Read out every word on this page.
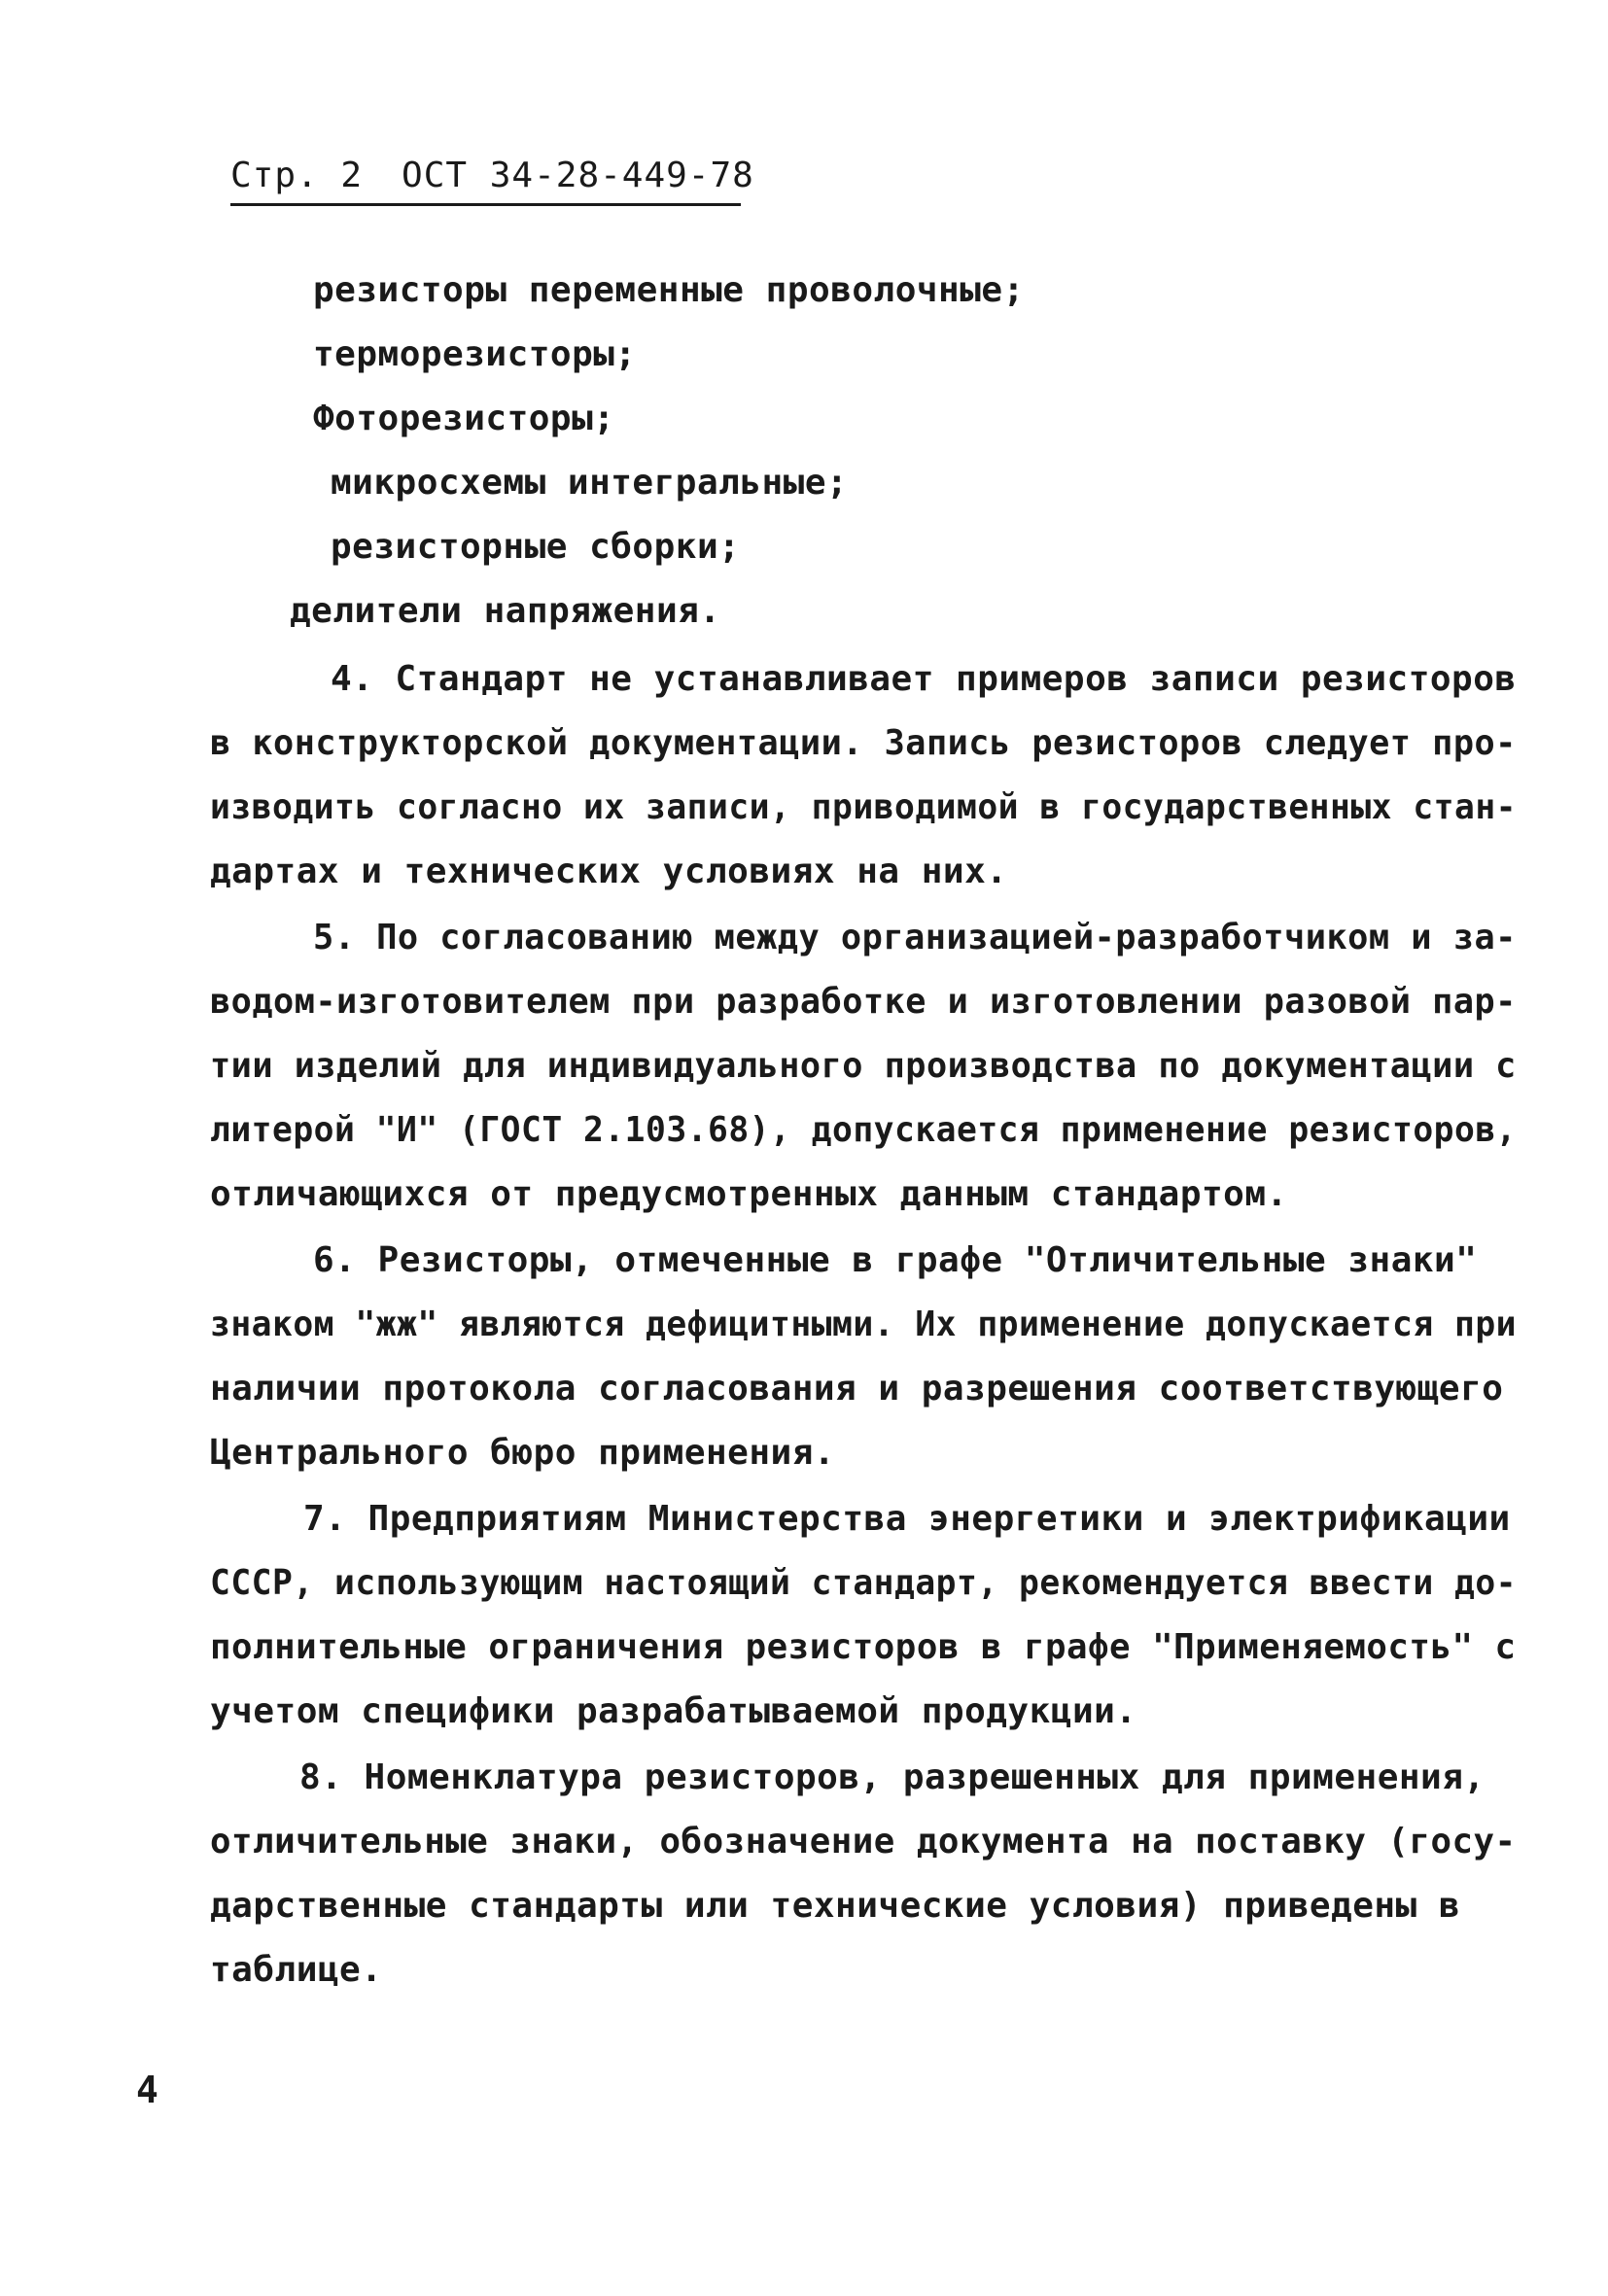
Стр. 2 ОСТ 34-28-449-78
резисторы переменные проволочные;
терморезисторы;
Фоторезисторы;
микросхемы интегральные;
резисторные сборки;
делители напряжения.
4. Стандарт не устанавливает примеров записи резисторов
в конструкторской документации. Запись резисторов следует про-
изводить согласно их записи, приводимой в государственных стан-
дартах и технических условиях на них.
5. По согласованию между организацией-разработчиком и за-
водом-изготовителем при разработке и изготовлении разовой пар-
тии изделий для индивидуального производства по документации с
литерой "И" (ГОСТ 2.103.68), допускается применение резисторов,
отличающихся от предусмотренных данным стандартом.
6. Резисторы, отмеченные в графе "Отличительные знаки"
знаком "жж" являются дефицитными. Их применение допускается при
наличии протокола согласования и разрешения соответствующего
Центрального бюро применения.
7. Предприятиям Министерства энергетики и электрификации
СССР, использующим настоящий стандарт, рекомендуется ввести до-
полнительные ограничения резисторов в графе "Применяемость" с
учетом специфики разрабатываемой продукции.
8. Номенклатура резисторов, разрешенных для применения,
отличительные знаки, обозначение документа на поставку (госу-
дарственные стандарты или технические условия) приведены в
таблице.
4
